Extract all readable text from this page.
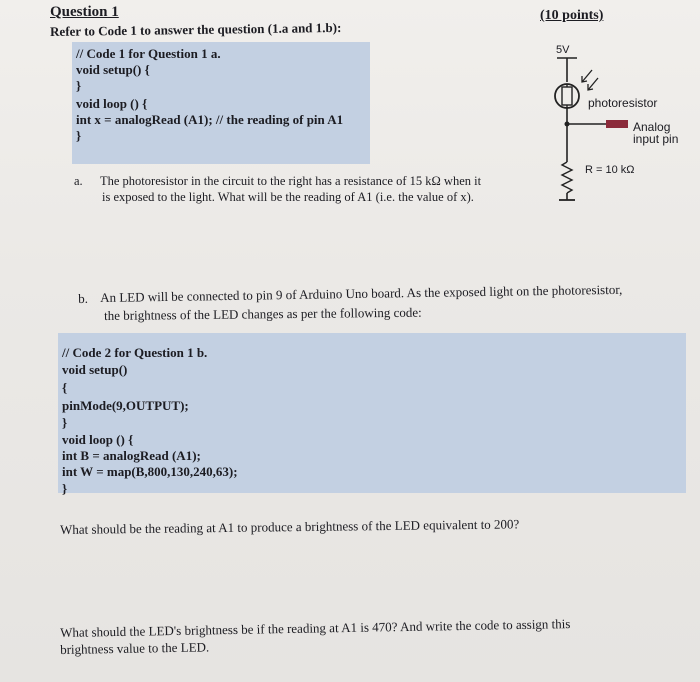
Question 1	(10 points)
Refer to Code 1 to answer the question (1.a and 1.b):
// Code 1 for Question 1 a.
void setup() {
}
void loop () {
int x = analogRead (A1); // the reading of pin A1
}
5V
photoresistor
Analog
input pin
R = 10 kΩ
a. The photoresistor in the circuit to the right has a resistance of 15 kΩ when it
is exposed to the light. What will be the reading of A1 (i.e. the value of x).
b. An LED will be connected to pin 9 of Arduino Uno board. As the exposed light on the photoresistor,
the brightness of the LED changes as per the following code:
// Code 2 for Question 1 b.
void setup()
{
pinMode(9,OUTPUT);
}
void loop () {
int B = analogRead (A1);
int W = map(B,800,130,240,63);
}
What should be the reading at A1 to produce a brightness of the LED equivalent to 200?
What should the LED's brightness be if the reading at A1 is 470? And write the code to assign this
brightness value to the LED.
